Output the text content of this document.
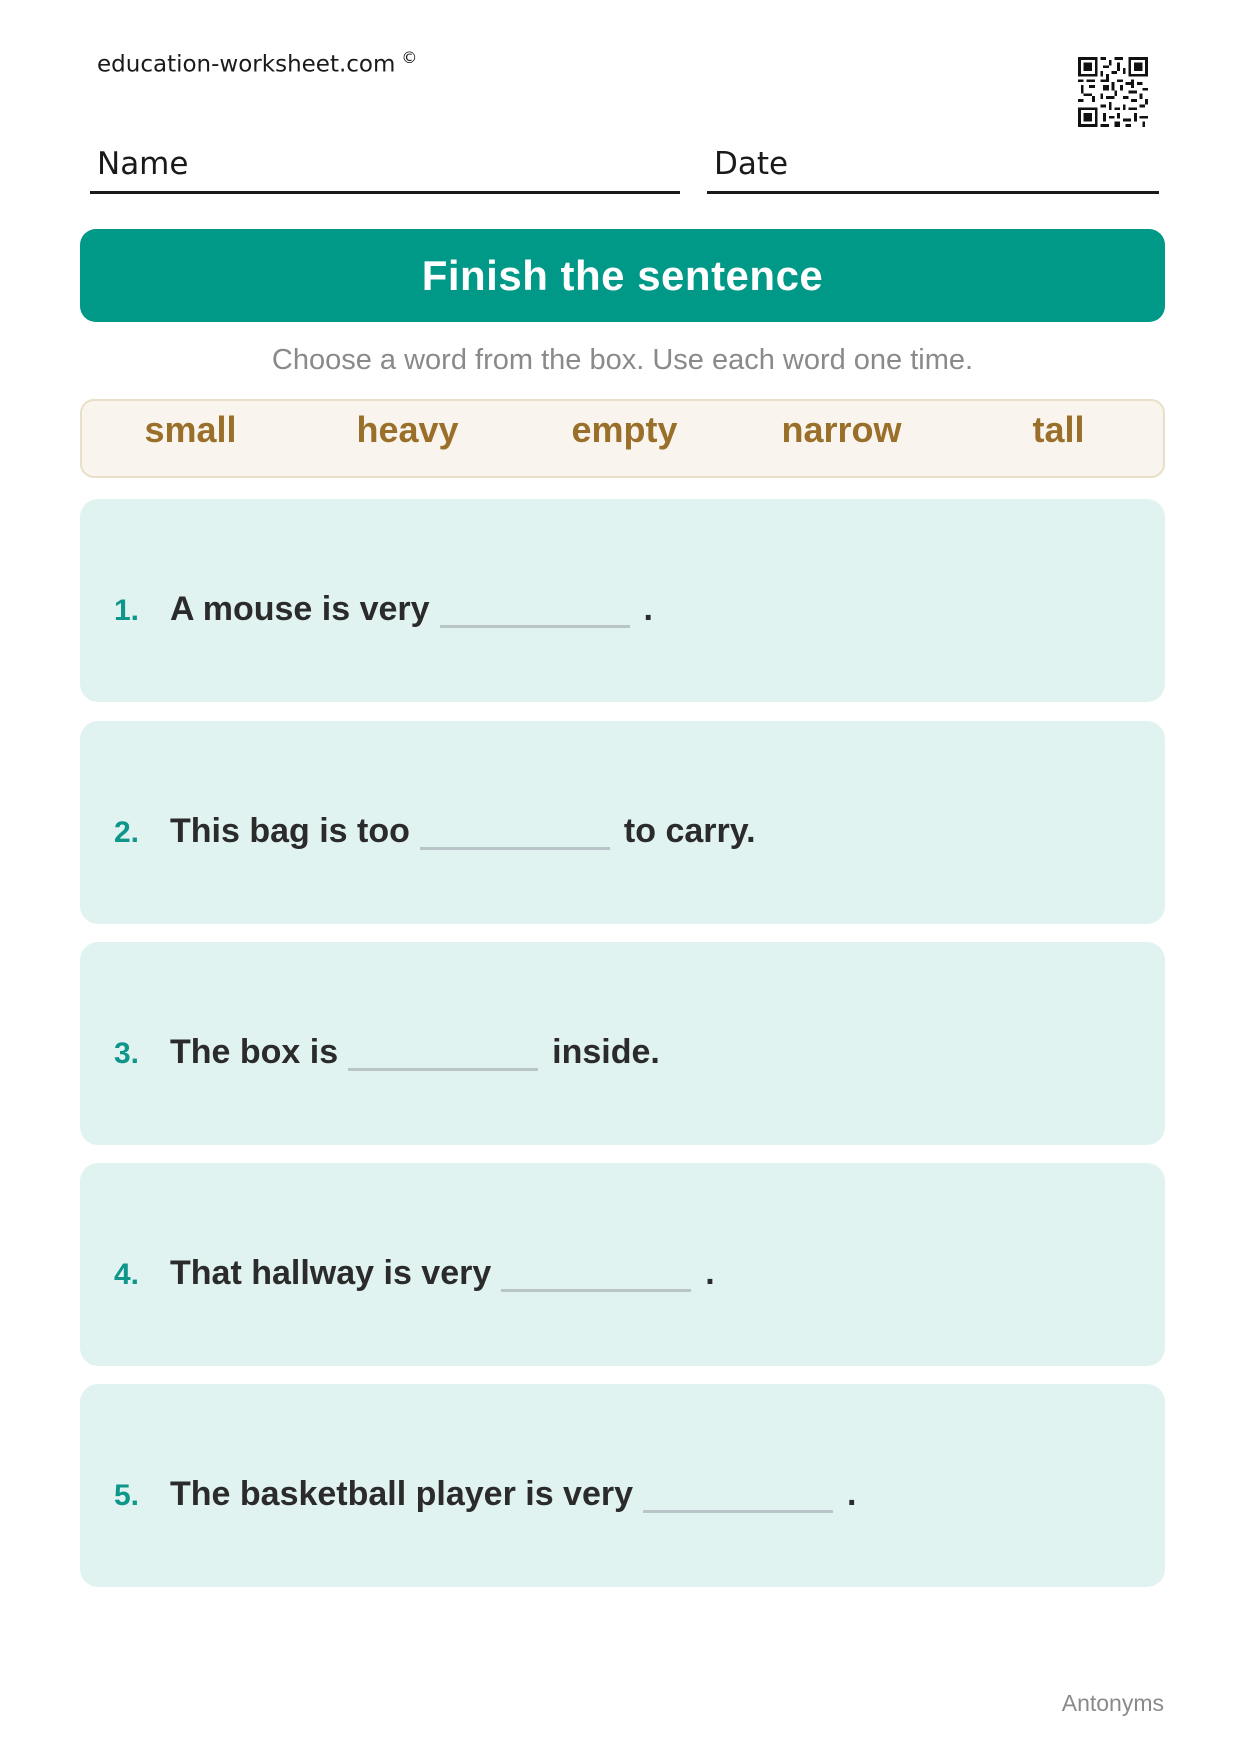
education-worksheet.com ©
Name	Date
Finish the sentence
Choose a word from the box. Use each word one time.
small	heavy	empty	narrow	tall
1. A mouse is very	.
2. This bag is too	to carry.
3. The box is	inside.
4. That hallway is very	.
5. The basketball player is very	.
Antonyms
